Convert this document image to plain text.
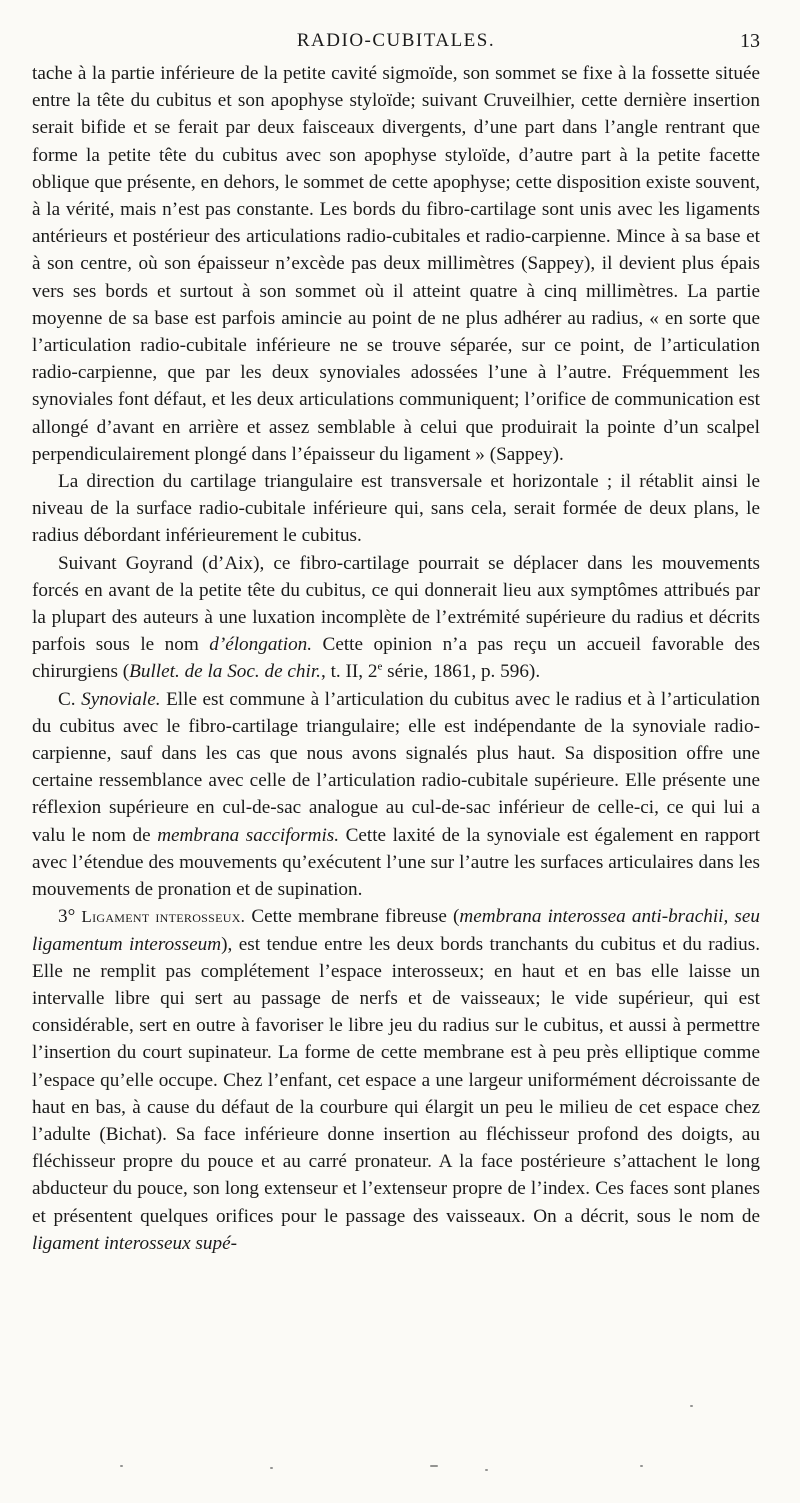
RADIO-CUBITALES.	13

tache à la partie inférieure de la petite cavité sigmoïde, son sommet se fixe à la fossette située entre la tête du cubitus et son apophyse styloïde; suivant Cruveilhier, cette dernière insertion serait bifide et se ferait par deux faisceaux divergents, d’une part dans l’angle rentrant que forme la petite tête du cubitus avec son apophyse styloïde, d’autre part à la petite facette oblique que présente, en dehors, le sommet de cette apophyse; cette disposition existe souvent, à la vérité, mais n’est pas constante. Les bords du fibro-cartilage sont unis avec les ligaments antérieurs et postérieur des articulations radio-cubitales et radio-carpienne. Mince à sa base et à son centre, où son épaisseur n’excède pas deux millimètres (Sappey), il devient plus épais vers ses bords et surtout à son sommet où il atteint quatre à cinq millimètres. La partie moyenne de sa base est parfois amincie au point de ne plus adhérer au radius, « en sorte que l’articulation radio-cubitale inférieure ne se trouve séparée, sur ce point, de l’articulation radio-carpienne, que par les deux synoviales adossées l’une à l’autre. Fréquemment les synoviales font défaut, et les deux articulations communiquent; l’orifice de communication est allongé d’avant en arrière et assez semblable à celui que produirait la pointe d’un scalpel perpendiculairement plongé dans l’épaisseur du ligament » (Sappey).

La direction du cartilage triangulaire est transversale et horizontale ; il rétablit ainsi le niveau de la surface radio-cubitale inférieure qui, sans cela, serait formée de deux plans, le radius débordant inférieurement le cubitus.

Suivant Goyrand (d’Aix), ce fibro-cartilage pourrait se déplacer dans les mouvements forcés en avant de la petite tête du cubitus, ce qui donnerait lieu aux symptômes attribués par la plupart des auteurs à une luxation incomplète de l’extrémité supérieure du radius et décrits parfois sous le nom d’élongation. Cette opinion n’a pas reçu un accueil favorable des chirurgiens (Bullet. de la Soc. de chir., t. II, 2e série, 1861, p. 596).

C. Synoviale. Elle est commune à l’articulation du cubitus avec le radius et à l’articulation du cubitus avec le fibro-cartilage triangulaire; elle est indépendante de la synoviale radio-carpienne, sauf dans les cas que nous avons signalés plus haut. Sa disposition offre une certaine ressemblance avec celle de l’articulation radio-cubitale supérieure. Elle présente une réflexion supérieure en cul-de-sac analogue au cul-de-sac inférieur de celle-ci, ce qui lui a valu le nom de membrana sacciformis. Cette laxité de la synoviale est également en rapport avec l’étendue des mouvements qu’exécutent l’une sur l’autre les surfaces articulaires dans les mouvements de pronation et de supination.

3° Ligament interosseux. Cette membrane fibreuse (membrana interossea anti-brachii, seu ligamentum interosseum), est tendue entre les deux bords tranchants du cubitus et du radius. Elle ne remplit pas complétement l’espace interosseux; en haut et en bas elle laisse un intervalle libre qui sert au passage de nerfs et de vaisseaux; le vide supérieur, qui est considérable, sert en outre à favoriser le libre jeu du radius sur le cubitus, et aussi à permettre l’insertion du court supinateur. La forme de cette membrane est à peu près elliptique comme l’espace qu’elle occupe. Chez l’enfant, cet espace a une largeur uniformément décroissante de haut en bas, à cause du défaut de la courbure qui élargit un peu le milieu de cet espace chez l’adulte (Bichat). Sa face inférieure donne insertion au fléchisseur profond des doigts, au fléchisseur propre du pouce et au carré pronateur. A la face postérieure s’attachent le long abducteur du pouce, son long extenseur et l’extenseur propre de l’index. Ces faces sont planes et présentent quelques orifices pour le passage des vaisseaux. On a décrit, sous le nom de ligament interosseux supé-
